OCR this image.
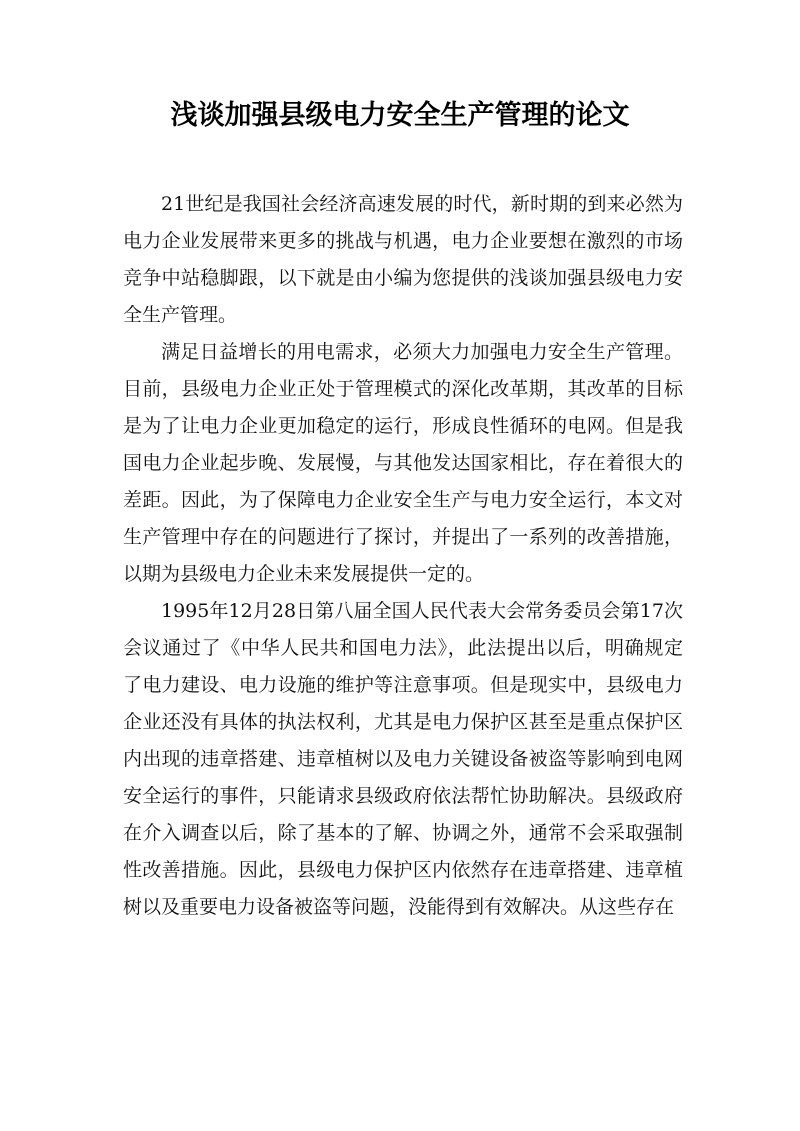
浅谈加强县级电力安全生产管理的论文

21世纪是我国社会经济高速发展的时代，新时期的到来必然为电力企业发展带来更多的挑战与机遇，电力企业要想在激烈的市场竞争中站稳脚跟，以下就是由小编为您提供的浅谈加强县级电力安全生产管理。

满足日益增长的用电需求，必须大力加强电力安全生产管理。目前，县级电力企业正处于管理模式的深化改革期，其改革的目标是为了让电力企业更加稳定的运行，形成良性循环的电网。但是我国电力企业起步晚、发展慢，与其他发达国家相比，存在着很大的差距。因此，为了保障电力企业安全生产与电力安全运行，本文对生产管理中存在的问题进行了探讨，并提出了一系列的改善措施，以期为县级电力企业未来发展提供一定的。

1995年12月28日第八届全国人民代表大会常务委员会第17次会议通过了《中华人民共和国电力法》，此法提出以后，明确规定了电力建设、电力设施的维护等注意事项。但是现实中，县级电力企业还没有具体的执法权利，尤其是电力保护区甚至是重点保护区内出现的违章搭建、违章植树以及电力关键设备被盗等影响到电网安全运行的事件，只能请求县级政府依法帮忙协助解决。县级政府在介入调查以后，除了基本的了解、协调之外，通常不会采取强制性改善措施。因此，县级电力保护区内依然存在违章搭建、违章植树以及重要电力设备被盗等问题，没能得到有效解决。从这些存在
